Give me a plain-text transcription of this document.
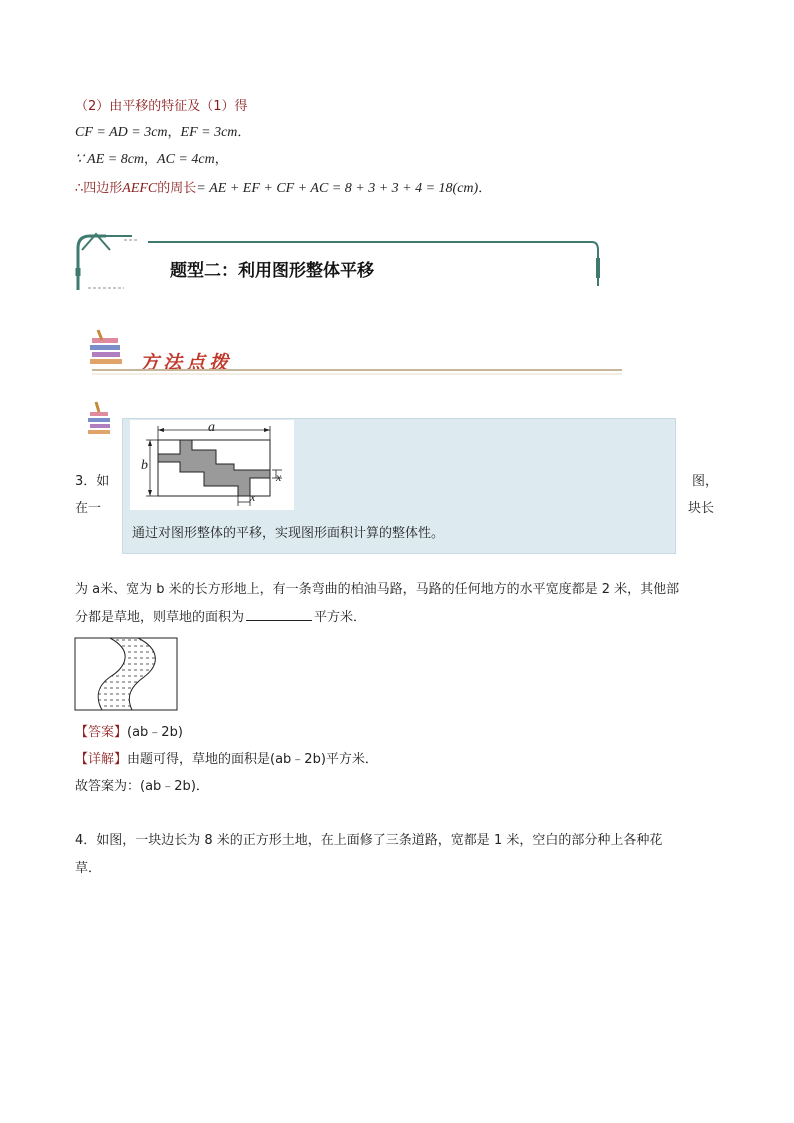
（2）由平移的特征及（1）得
CF = AD = 3cm，EF = 3cm．
∵ AE = 8cm，AC = 4cm，
∴四边形AEFC的周长= AE + EF + CF + AC = 8 + 3 + 3 + 4 = 18(cm)．
题型二：利用图形整体平移
方法点拨
a
b
x
x
通过对图形整体的平移，实现图形面积计算的整体性。
3．如	图，
在一	块长
为 a米、宽为 b 米的长方形地上，有一条弯曲的柏油马路，马路的任何地方的水平宽度都是 2 米，其他部
分都是草地，则草地的面积为	平方米．
【答案】(ab﹣2b)
【详解】由题可得，草地的面积是(ab﹣2b)平方米．
故答案为：(ab﹣2b)．
4．如图，一块边长为 8 米的正方形土地，在上面修了三条道路，宽都是 1 米，空白的部分种上各种花
草．
